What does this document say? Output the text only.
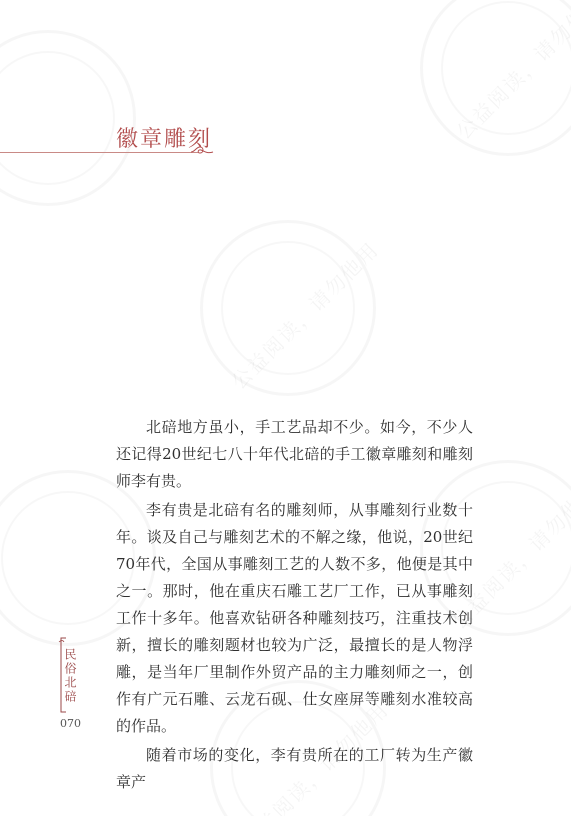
徽章雕刻

北碚地方虽小，手工艺品却不少。如今，不少人还记得20世纪七八十年代北碚的手工徽章雕刻和雕刻师李有贵。

李有贵是北碚有名的雕刻师，从事雕刻行业数十年。谈及自己与雕刻艺术的不解之缘，他说，20世纪70年代，全国从事雕刻工艺的人数不多，他便是其中之一。那时，他在重庆石雕工艺厂工作，已从事雕刻工作十多年。他喜欢钻研各种雕刻技巧，注重技术创新，擅长的雕刻题材也较为广泛，最擅长的是人物浮雕，是当年厂里制作外贸产品的主力雕刻师之一，创作有广元石雕、云龙石砚、仕女座屏等雕刻水准较高的作品。

随着市场的变化，李有贵所在的工厂转为生产徽章产

民俗北碚
070
